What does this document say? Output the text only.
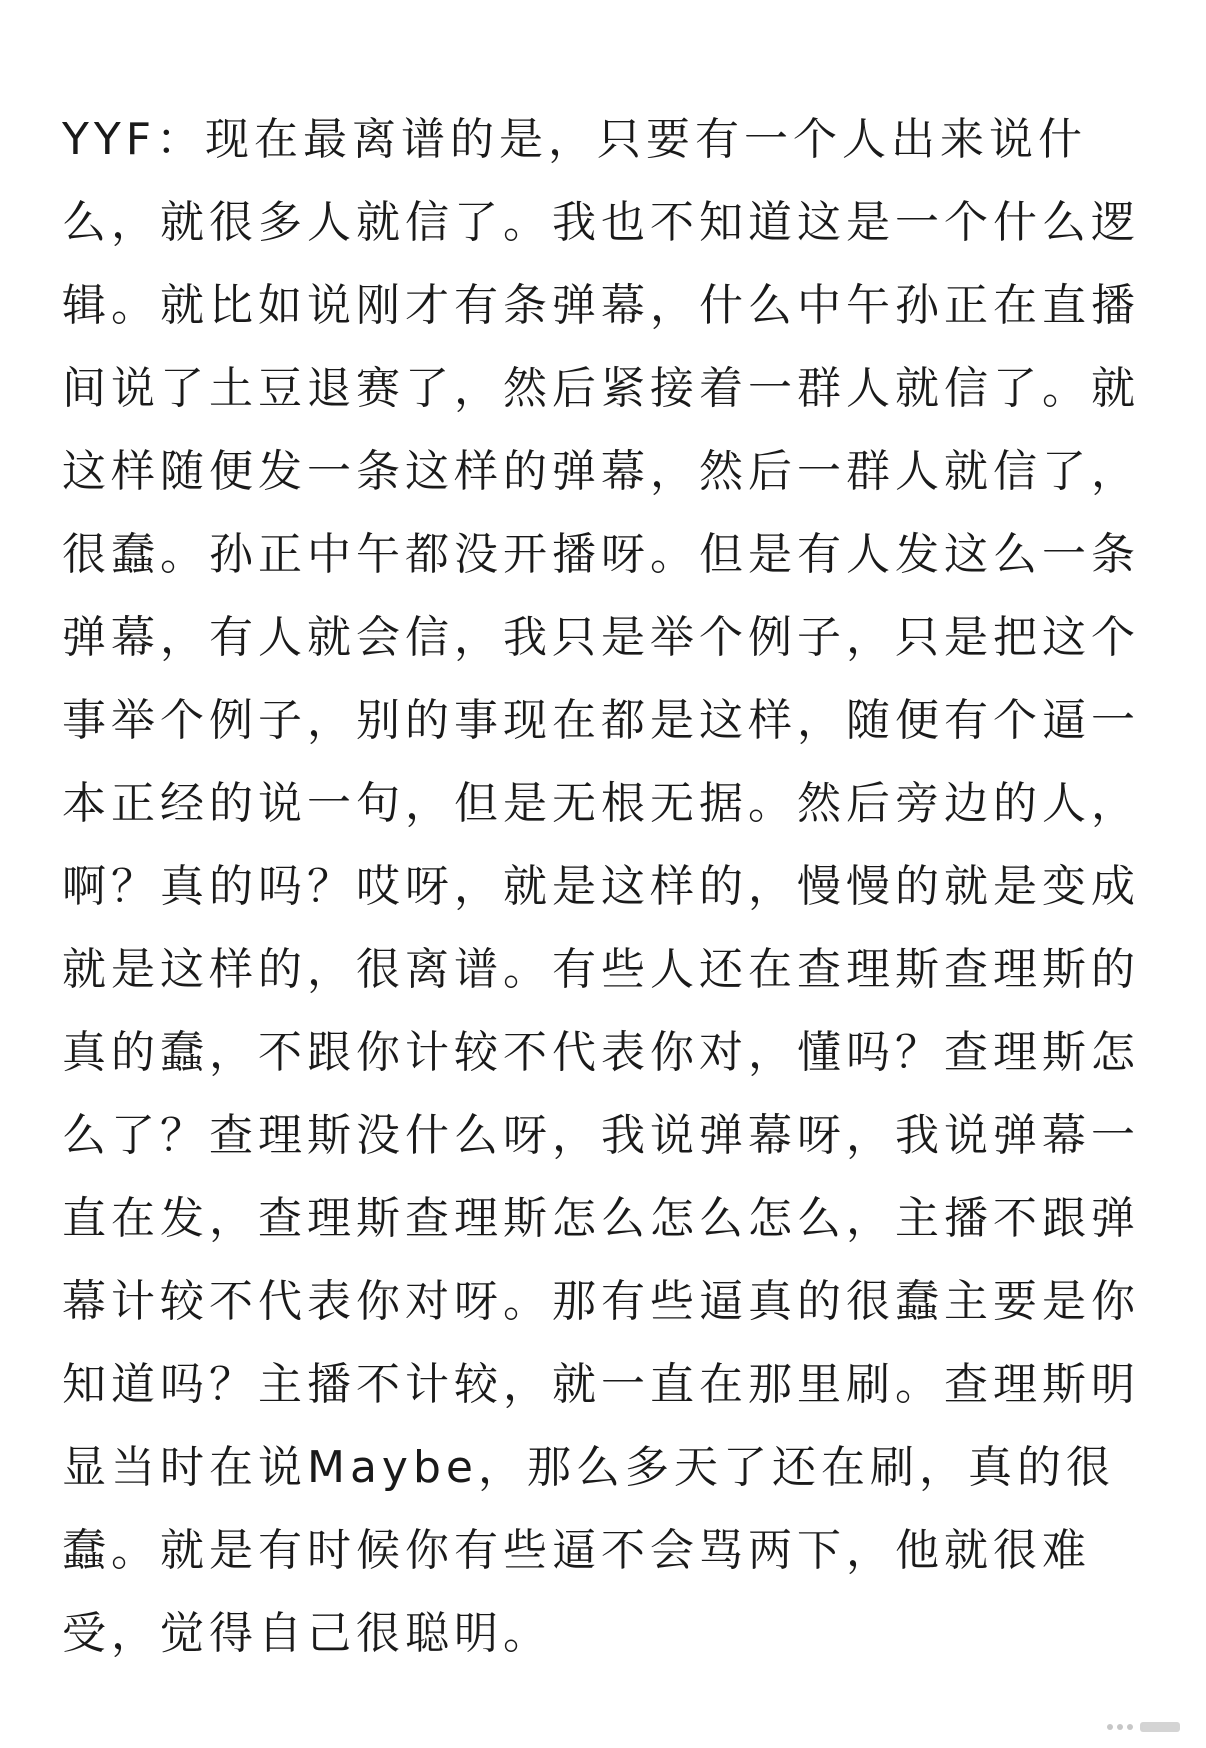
YYF：现在最离谱的是，只要有一个人出来说什
么，就很多人就信了。我也不知道这是一个什么逻
辑。就比如说刚才有条弹幕，什么中午孙正在直播
间说了土豆退赛了，然后紧接着一群人就信了。就
这样随便发一条这样的弹幕，然后一群人就信了，
很蠢。孙正中午都没开播呀。但是有人发这么一条
弹幕，有人就会信，我只是举个例子，只是把这个
事举个例子，别的事现在都是这样，随便有个逼一
本正经的说一句，但是无根无据。然后旁边的人，
啊？真的吗？哎呀，就是这样的，慢慢的就是变成
就是这样的，很离谱。有些人还在查理斯查理斯的
真的蠢，不跟你计较不代表你对，懂吗？查理斯怎
么了？查理斯没什么呀，我说弹幕呀，我说弹幕一
直在发，查理斯查理斯怎么怎么怎么，主播不跟弹
幕计较不代表你对呀。那有些逼真的很蠢主要是你
知道吗？主播不计较，就一直在那里刷。查理斯明
显当时在说Maybe，那么多天了还在刷，真的很
蠢。就是有时候你有些逼不会骂两下，他就很难
受，觉得自己很聪明。
